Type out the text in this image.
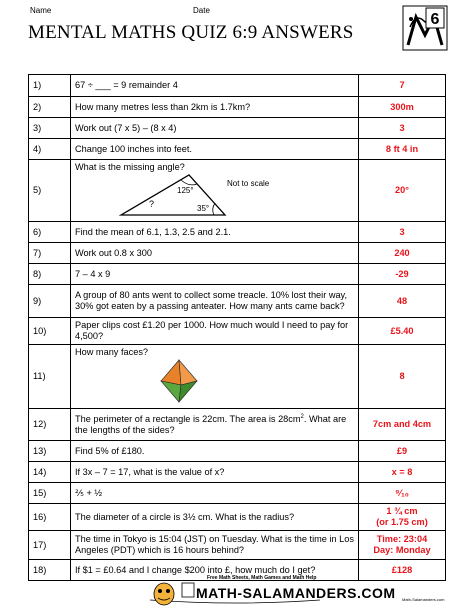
Name	Date
MENTAL MATHS QUIZ 6:9 ANSWERS
6
1)	67 ÷ ___ = 9 remainder 4	7
2)	How many metres less than 2km is 1.7km?	300m
3)	Work out (7 x 5) – (8 x 4)	3
4)	Change 100 inches into feet.	8 ft 4 in
5)	What is the missing angle?
125°
35°
?
Not to scale	20°
6)	Find the mean of 6.1, 1.3, 2.5 and 2.1.	3
7)	Work out 0.8 x 300	240
8)	7 – 4 x 9	-29
9)	A group of 80 ants went to collect some treacle. 10% lost their way, 30% got eaten by a passing anteater. How many ants came back?	48
10)	Paper clips cost £1.20 per 1000. How much would I need to pay for 4,500?	£5.40
11)	How many faces?	8
12)	The perimeter of a rectangle is 22cm. The area is $28cm^2$. What are the lengths of the sides?	7cm and 4cm
13)	Find 5% of £180.	£9
14)	If 3x – 7 = 17, what is the value of x?	x = 8
15)	⅖ + ½	⁹⁄₁₀
16)	The diameter of a circle is 3½ cm. What is the radius?	1 ¾ cm
(or 1.75 cm)
17)	The time in Tokyo is 15:04 (JST) on Tuesday. What is the time in Los Angeles (PDT) which is 16 hours behind?	Time: 23:04
Day: Monday
18)	If $1 = £0.64 and I change $200 into £, how much do I get?	£128
Free Math Sheets, Math Games and Math Help
MATH-SALAMANDERS.COM Math-Salamanders.com
